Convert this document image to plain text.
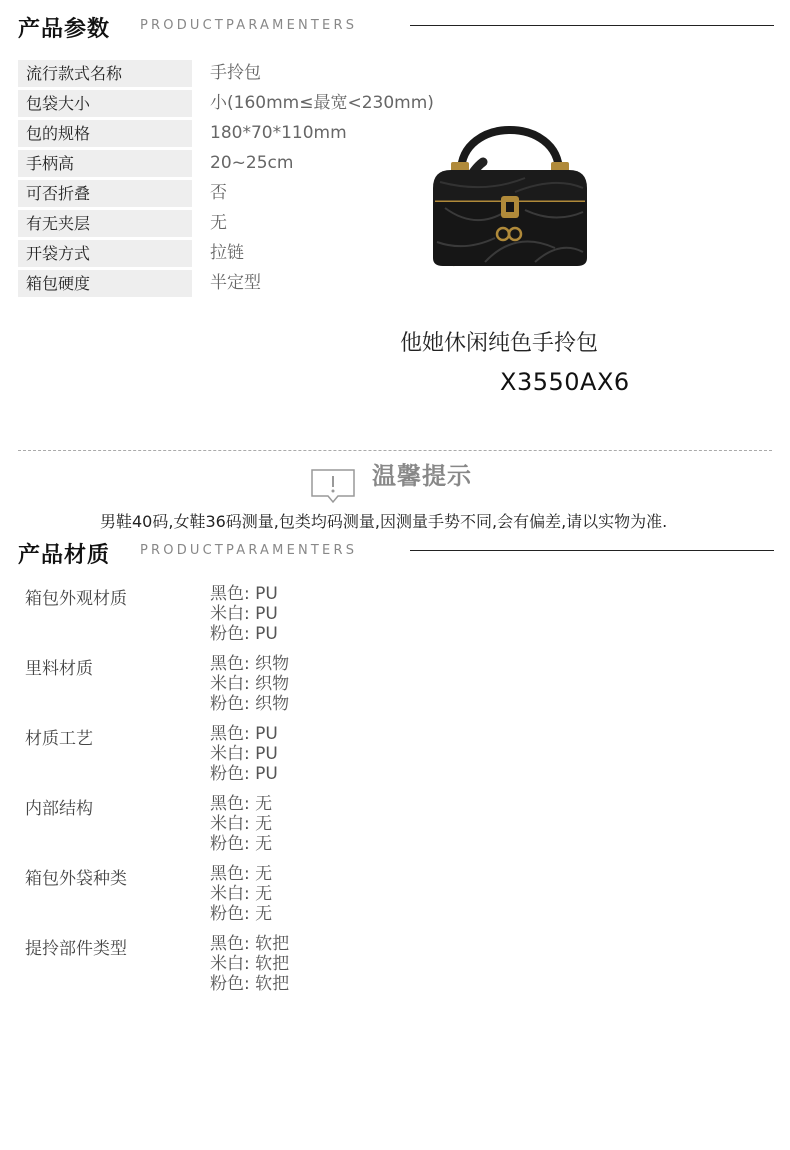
产品参数 PRODUCTPARAMENTERS
流行款式名称	手拎包
包袋大小	小(160mm≤最宽<230mm)
包的规格	180*70*110mm
手柄高	20~25cm
可否折叠	否
有无夹层	无
开袋方式	拉链
箱包硬度	半定型
他她休闲纯色手拎包
X3550AX6
温馨提示
男鞋40码,女鞋36码测量,包类均码测量,因测量手势不同,会有偏差,请以实物为准.
产品材质 PRODUCTPARAMENTERS
箱包外观材质	黑色: PU
米白: PU
粉色: PU
里料材质	黑色: 织物
米白: 织物
粉色: 织物
材质工艺	黑色: PU
米白: PU
粉色: PU
内部结构	黑色: 无
米白: 无
粉色: 无
箱包外袋种类	黑色: 无
米白: 无
粉色: 无
提拎部件类型	黑色: 软把
米白: 软把
粉色: 软把
